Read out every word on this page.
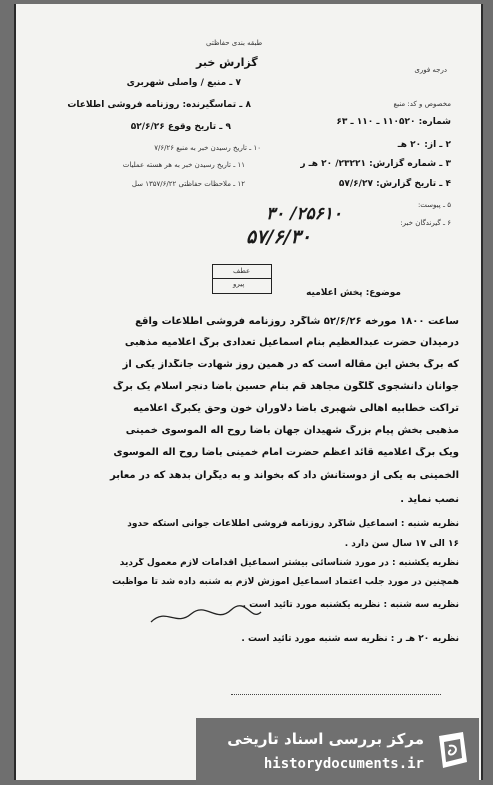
طبقه بندی حفاظتی
گزارش خبر
درجه فوری
۷ ـ منبع / واصلی شهربری
۸ ـ تماسگیرنده: روزنامه فروشی اطلاعات
۹ ـ تاریخ وقوع ۵۲/۶/۲۶
۱۰ ـ تاریخ رسیدن خبر به منبع ۷/۶/۲۶
۱۱ ـ تاریخ رسیدن خبر به هر هسته عملیات
۱۲ ـ ملاحظات حفاظتی ۱۳۵۷/۶/۲۲ سل
مخصوص و کد: منبع
شماره: ۱۱۰۵۲۰ ـ ۱۱۰ ـ ۶۳
۲ ـ از: ۲۰ هـ
۳ ـ شماره گزارش: ۲۳۲۲۱/ ۲۰ هـ ر
۴ ـ تاریخ گزارش: ۵۷/۶/۲۷
۵ ـ پیوست:
۶ ـ گیرندگان خبر:
۲۵۶۱۰/ ۳۰
۵۷/۶/۳۰
عطف
پیرو
موضوع: پخش اعلامیه
ساعت ۱۸۰۰ مورخه ۵۲/۶/۲۶ شاگرد روزنامه فروشی اطلاعات واقع
درمیدان حضرت عبدالعظیم بنام اسماعیل تعدادی برگ اعلامیه مذهبی
که برگ بخش این مقاله است که در همین روز شهادت جانگداز یکی از
جوانان دانشجوی گلگون مجاهد قم بنام حسین باضا دنجر اسلام یک برگ
تراکت خطابیه اهالی شهبری باضا دلاوران خون وحق یکبرگ اعلامیه
مذهبی بخش پیام بزرگ شهیدان جهان باضا روح اله الموسوی خمینی
ویک برگ اعلامیه قائد اعظم حضرت امام خمینی باضا روح اله الموسوی
الخمینی به یکی از دوستانش داد که بخواند و به دیگران بدهد که در معابر
نصب نماید .
نظریه شنبه : اسماعیل شاگرد روزنامه فروشی اطلاعات جوانی استکه حدود
۱۶ الی ۱۷ سال سن دارد .
نظریه یکشنبه : در مورد شناسائی بیشتر اسماعیل اقدامات لازم معمول گردید
همچنین در مورد جلب اعتماد اسماعیل آموزش لازم به شنبه داده شد تا مواظبت
نظریه سه شنبه : نظریه یکشنبه مورد تائید است .
نظریه ۲۰ هـ ر : نظریه سه شنبه مورد تائید است .
مرکز بررسی اسناد تاریخی
historydocuments.ir
